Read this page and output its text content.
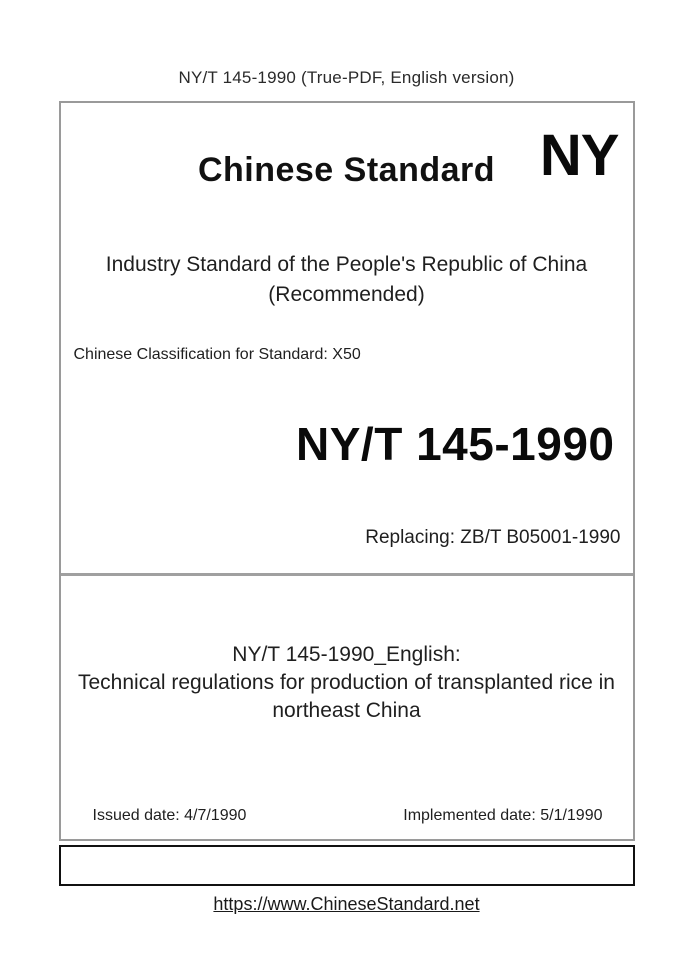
NY/T 145-1990 (True-PDF, English version)
Chinese Standard NY
Industry Standard of the People's Republic of China
(Recommended)
Chinese Classification for Standard: X50
NY/T 145-1990
Replacing: ZB/T B05001-1990
NY/T 145-1990_English:
Technical regulations for production of transplanted rice in
northeast China
Issued date: 4/7/1990	Implemented date: 5/1/1990
https://www.ChineseStandard.net
